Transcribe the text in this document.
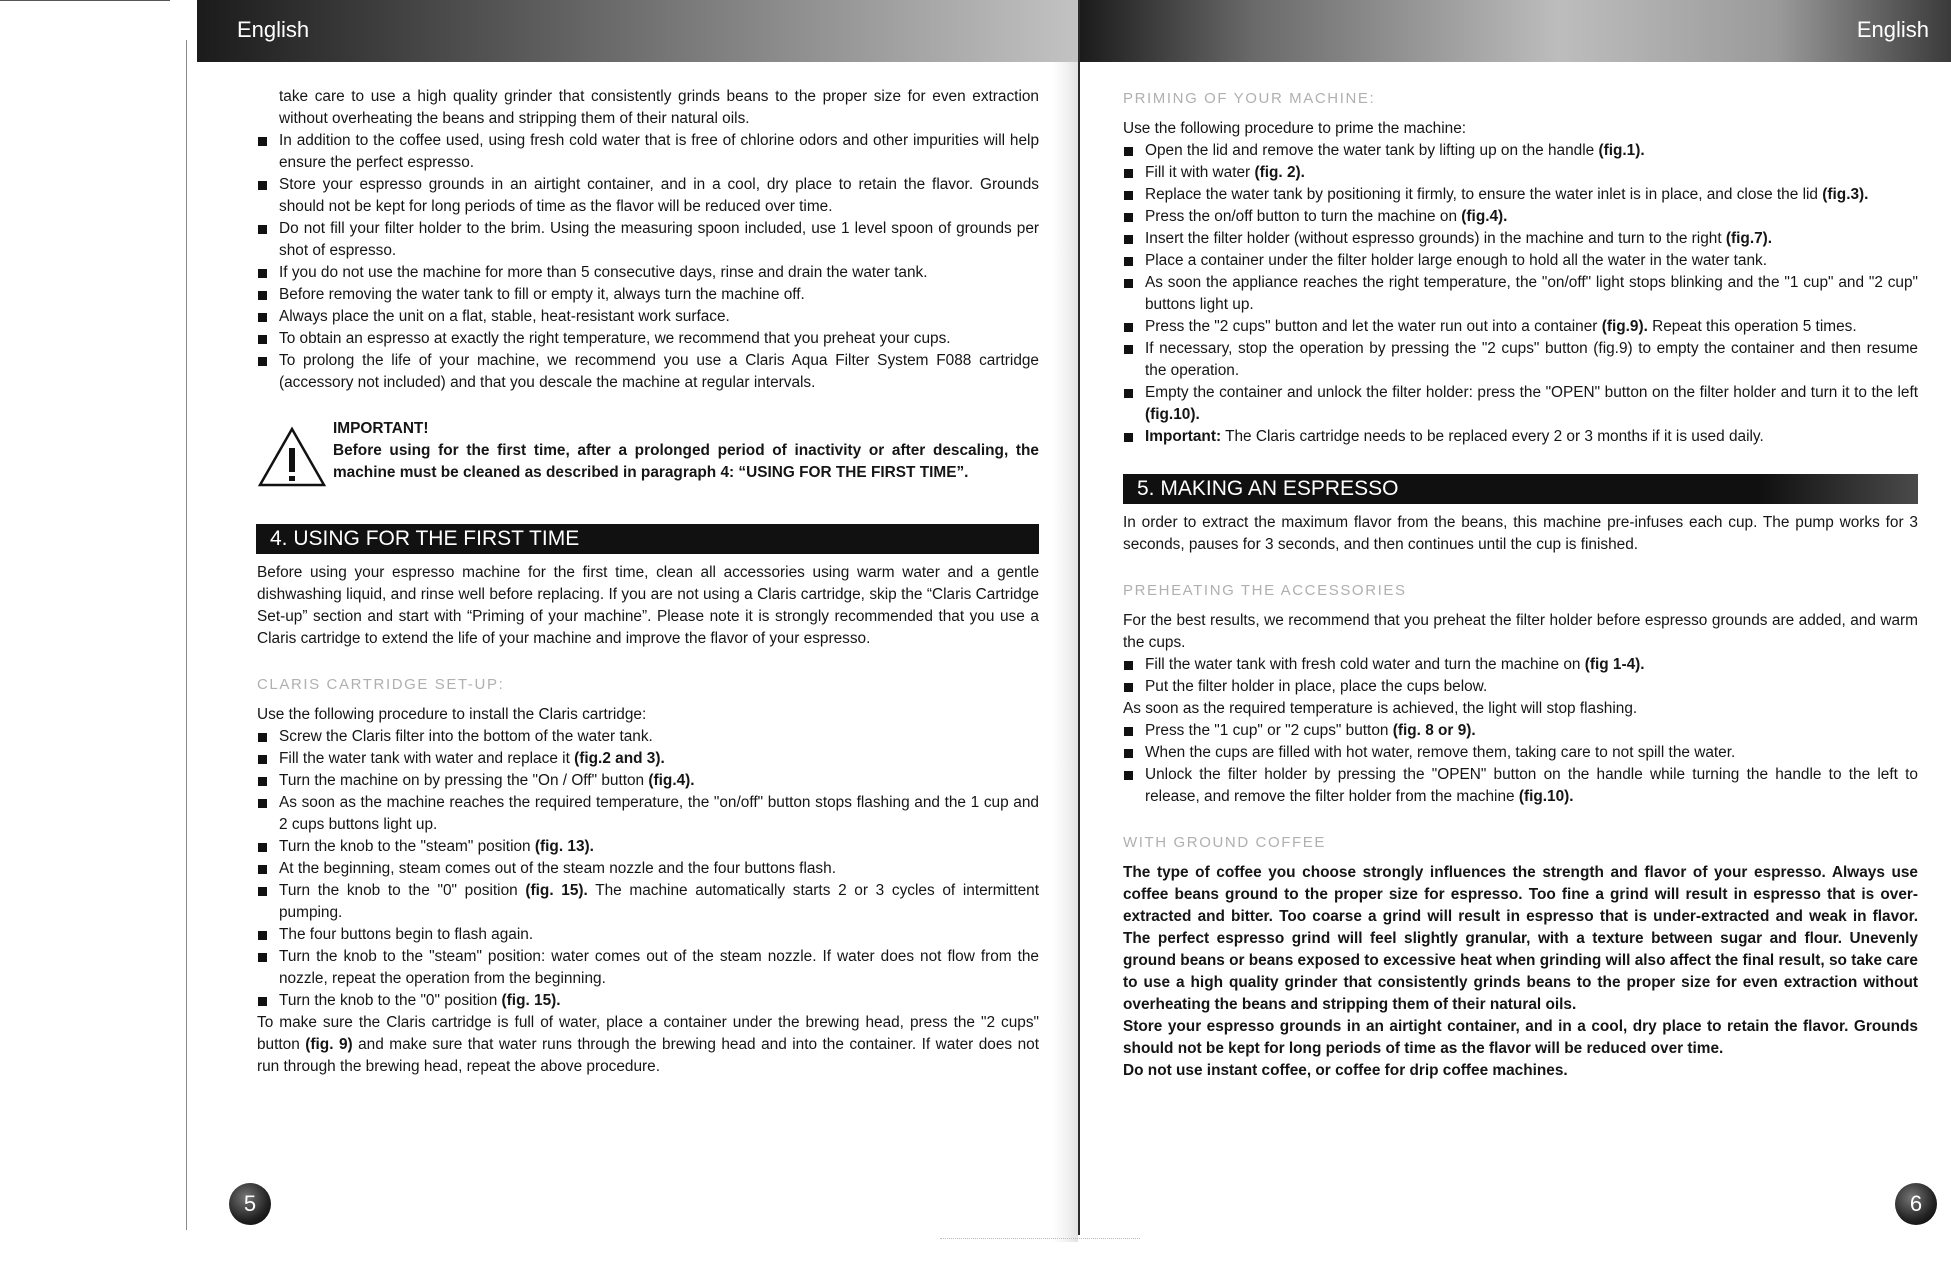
English

take care to use a high quality grinder that consistently grinds beans to the proper size for even extraction without overheating the beans and stripping them of their natural oils.

In addition to the coffee used, using fresh cold water that is free of chlorine odors and other impurities will help ensure the perfect espresso.
Store your espresso grounds in an airtight container, and in a cool, dry place to retain the flavor. Grounds should not be kept for long periods of time as the flavor will be reduced over time.
Do not fill your filter holder to the brim. Using the measuring spoon included, use 1 level spoon of grounds per shot of espresso.
If you do not use the machine for more than 5 consecutive days, rinse and drain the water tank.
Before removing the water tank to fill or empty it, always turn the machine off.
Always place the unit on a flat, stable, heat-resistant work surface.
To obtain an espresso at exactly the right temperature, we recommend that you preheat your cups.
To prolong the life of your machine, we recommend you use a Claris Aqua Filter System F088 cartridge (accessory not included) and that you descale the machine at regular intervals.
IMPORTANT!
Before using for the first time, after a prolonged period of inactivity or after descaling, the machine must be cleaned as described in paragraph 4: “USING FOR THE FIRST TIME”.
4. USING FOR THE FIRST TIME

Before using your espresso machine for the first time, clean all accessories using warm water and a gentle dishwashing liquid, and rinse well before replacing. If you are not using a Claris cartridge, skip the “Claris Cartridge Set-up” section and start with “Priming of your machine”. Please note it is strongly recommended that you use a Claris cartridge to extend the life of your machine and improve the flavor of your espresso.

CLARIS CARTRIDGE SET-UP:

Use the following procedure to install the Claris cartridge:

Screw the Claris filter into the bottom of the water tank.
Fill the water tank with water and replace it (fig.2 and 3).
Turn the machine on by pressing the "On / Off" button (fig.4).
As soon as the machine reaches the required temperature, the "on/off" button stops flashing and the 1 cup and 2 cups buttons light up.
Turn the knob to the "steam" position (fig. 13).
At the beginning, steam comes out of the steam nozzle and the four buttons flash.
Turn the knob to the "0" position (fig. 15). The machine automatically starts 2 or 3 cycles of intermittent pumping.
The four buttons begin to flash again.
Turn the knob to the "steam" position: water comes out of the steam nozzle. If water does not flow from the nozzle, repeat the operation from the beginning.
Turn the knob to the "0" position (fig. 15).

To make sure the Claris cartridge is full of water, place a container under the brewing head, press the "2 cups" button (fig. 9) and make sure that water runs through the brewing head and into the container. If water does not run through the brewing head, repeat the above procedure.

5
English
PRIMING OF YOUR MACHINE:

Use the following procedure to prime the machine:

Open the lid and remove the water tank by lifting up on the handle (fig.1).
Fill it with water (fig. 2).
Replace the water tank by positioning it firmly, to ensure the water inlet is in place, and close the lid (fig.3).
Press the on/off button to turn the machine on (fig.4).
Insert the filter holder (without espresso grounds) in the machine and turn to the right (fig.7).
Place a container under the filter holder large enough to hold all the water in the water tank.
As soon the appliance reaches the right temperature, the "on/off" light stops blinking and the "1 cup" and "2 cup" buttons light up.
Press the "2 cups" button and let the water run out into a container (fig.9). Repeat this operation 5 times.
If necessary, stop the operation by pressing the "2 cups" button (fig.9) to empty the container and then resume the operation.
Empty the container and unlock the filter holder: press the "OPEN" button on the filter holder and turn it to the left (fig.10).
Important: The Claris cartridge needs to be replaced every 2 or 3 months if it is used daily.
5. MAKING AN ESPRESSO

In order to extract the maximum flavor from the beans, this machine pre-infuses each cup. The pump works for 3 seconds, pauses for 3 seconds, and then continues until the cup is finished.

PREHEATING THE ACCESSORIES

For the best results, we recommend that you preheat the filter holder before espresso grounds are added, and warm the cups.

Fill the water tank with fresh cold water and turn the machine on (fig 1-4).
Put the filter holder in place, place the cups below.

As soon as the required temperature is achieved, the light will stop flashing.

Press the "1 cup" or "2 cups" button (fig. 8 or 9).
When the cups are filled with hot water, remove them, taking care to not spill the water.
Unlock the filter holder by pressing the "OPEN" button on the handle while turning the handle to the left to release, and remove the filter holder from the machine (fig.10).
WITH GROUND COFFEE

The type of coffee you choose strongly influences the strength and flavor of your espresso. Always use coffee beans ground to the proper size for espresso. Too fine a grind will result in espresso that is over-extracted and bitter. Too coarse a grind will result in espresso that is under-extracted and weak in flavor. The perfect espresso grind will feel slightly granular, with a texture between sugar and flour. Unevenly ground beans or beans exposed to excessive heat when grinding will also affect the final result, so take care to use a high quality grinder that consistently grinds beans to the proper size for even extraction without overheating the beans and stripping them of their natural oils.

Store your espresso grounds in an airtight container, and in a cool, dry place to retain the flavor. Grounds should not be kept for long periods of time as the flavor will be reduced over time.

Do not use instant coffee, or coffee for drip coffee machines.

6
